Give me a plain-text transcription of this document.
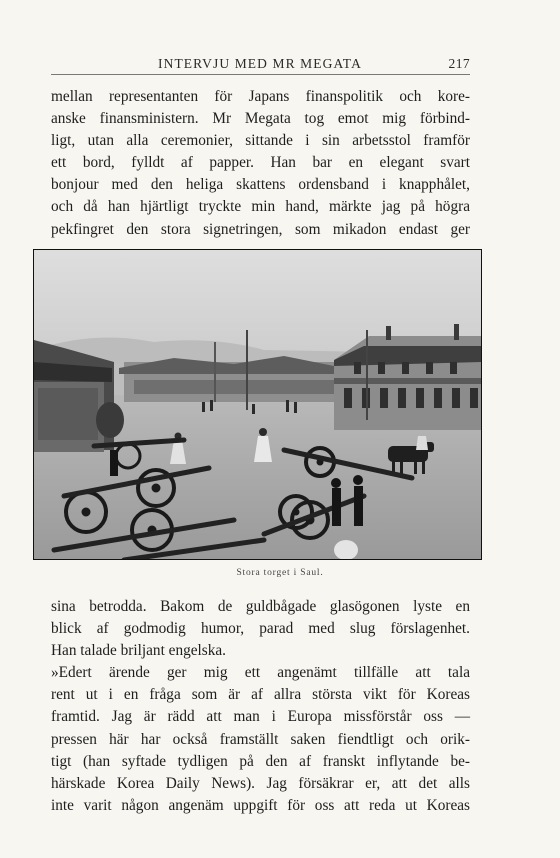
INTERVJU MED MR MEGATA	217
mellan representanten för Japans finanspolitik och kore-
anske finansministern. Mr Megata tog emot mig förbind-
ligt, utan alla ceremonier, sittande i sin arbetsstol framför
ett bord, fylldt af papper. Han bar en elegant svart
bonjour med den heliga skattens ordensband i knapphålet,
och då han hjärtligt tryckte min hand, märkte jag på högra
pekfingret den stora signetringen, som mikadon endast ger
Stora torget i Saul.
sina betrodda. Bakom de guldbågade glasögonen lyste en
blick af godmodig humor, parad med slug förslagenhet.
Han talade briljant engelska.
»Edert ärende ger mig ett angenämt tillfälle att tala
rent ut i en fråga som är af allra största vikt för Koreas
framtid. Jag är rädd att man i Europa missförstår oss —
pressen här har också framställt saken fiendtligt och orik-
tigt (han syftade tydligen på den af franskt inflytande be-
härskade Korea Daily News). Jag försäkrar er, att det alls
inte varit någon angenäm uppgift för oss att reda ut Koreas
